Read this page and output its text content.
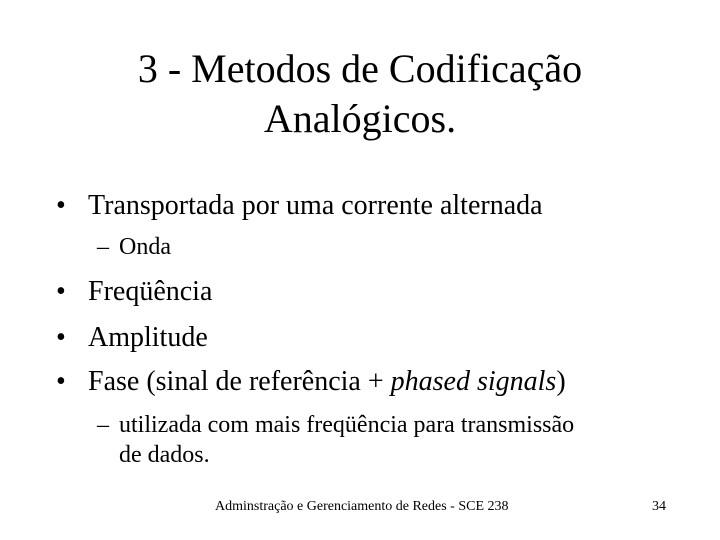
3 - Metodos de Codificação
Analógicos.
• Transportada por uma corrente alternada
– Onda
• Freqüência
• Amplitude
• Fase (sinal de referência + phased signals)
– utilizada com mais freqüência para transmissão
de dados.
Adminstração e Gerenciamento de Redes - SCE 238	34
